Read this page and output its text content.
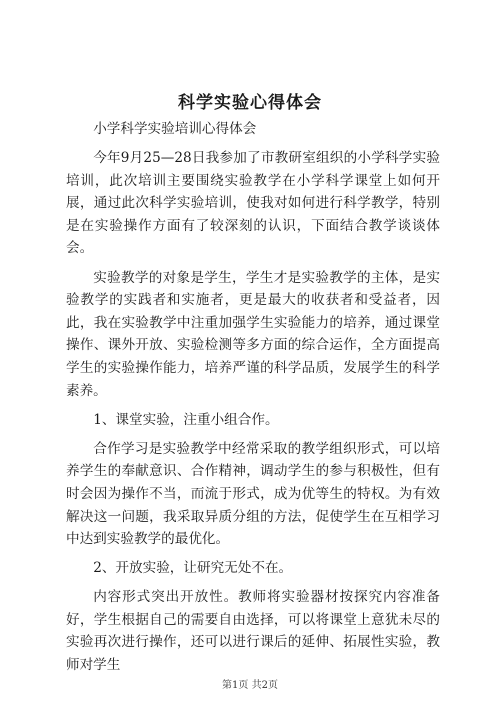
科学实验心得体会

小学科学实验培训心得体会

今年9月25—28日我参加了市教研室组织的小学科学实验培训，此次培训主要围绕实验教学在小学科学课堂上如何开展，通过此次科学实验培训，使我对如何进行科学教学，特别是在实验操作方面有了较深刻的认识，下面结合教学谈谈体会。

实验教学的对象是学生，学生才是实验教学的主体，是实验教学的实践者和实施者，更是最大的收获者和受益者，因此，我在实验教学中注重加强学生实验能力的培养，通过课堂操作、课外开放、实验检测等多方面的综合运作，全方面提高学生的实验操作能力，培养严谨的科学品质，发展学生的科学素养。

1、课堂实验，注重小组合作。

合作学习是实验教学中经常采取的教学组织形式，可以培养学生的奉献意识、合作精神，调动学生的参与积极性，但有时会因为操作不当，而流于形式，成为优等生的特权。为有效解决这一问题，我采取异质分组的方法，促使学生在互相学习中达到实验教学的最优化。

2、开放实验，让研究无处不在。

内容形式突出开放性。教师将实验器材按探究内容准备好，学生根据自己的需要自由选择，可以将课堂上意犹未尽的实验再次进行操作，还可以进行课后的延伸、拓展性实验，教师对学生

第1页 共2页
